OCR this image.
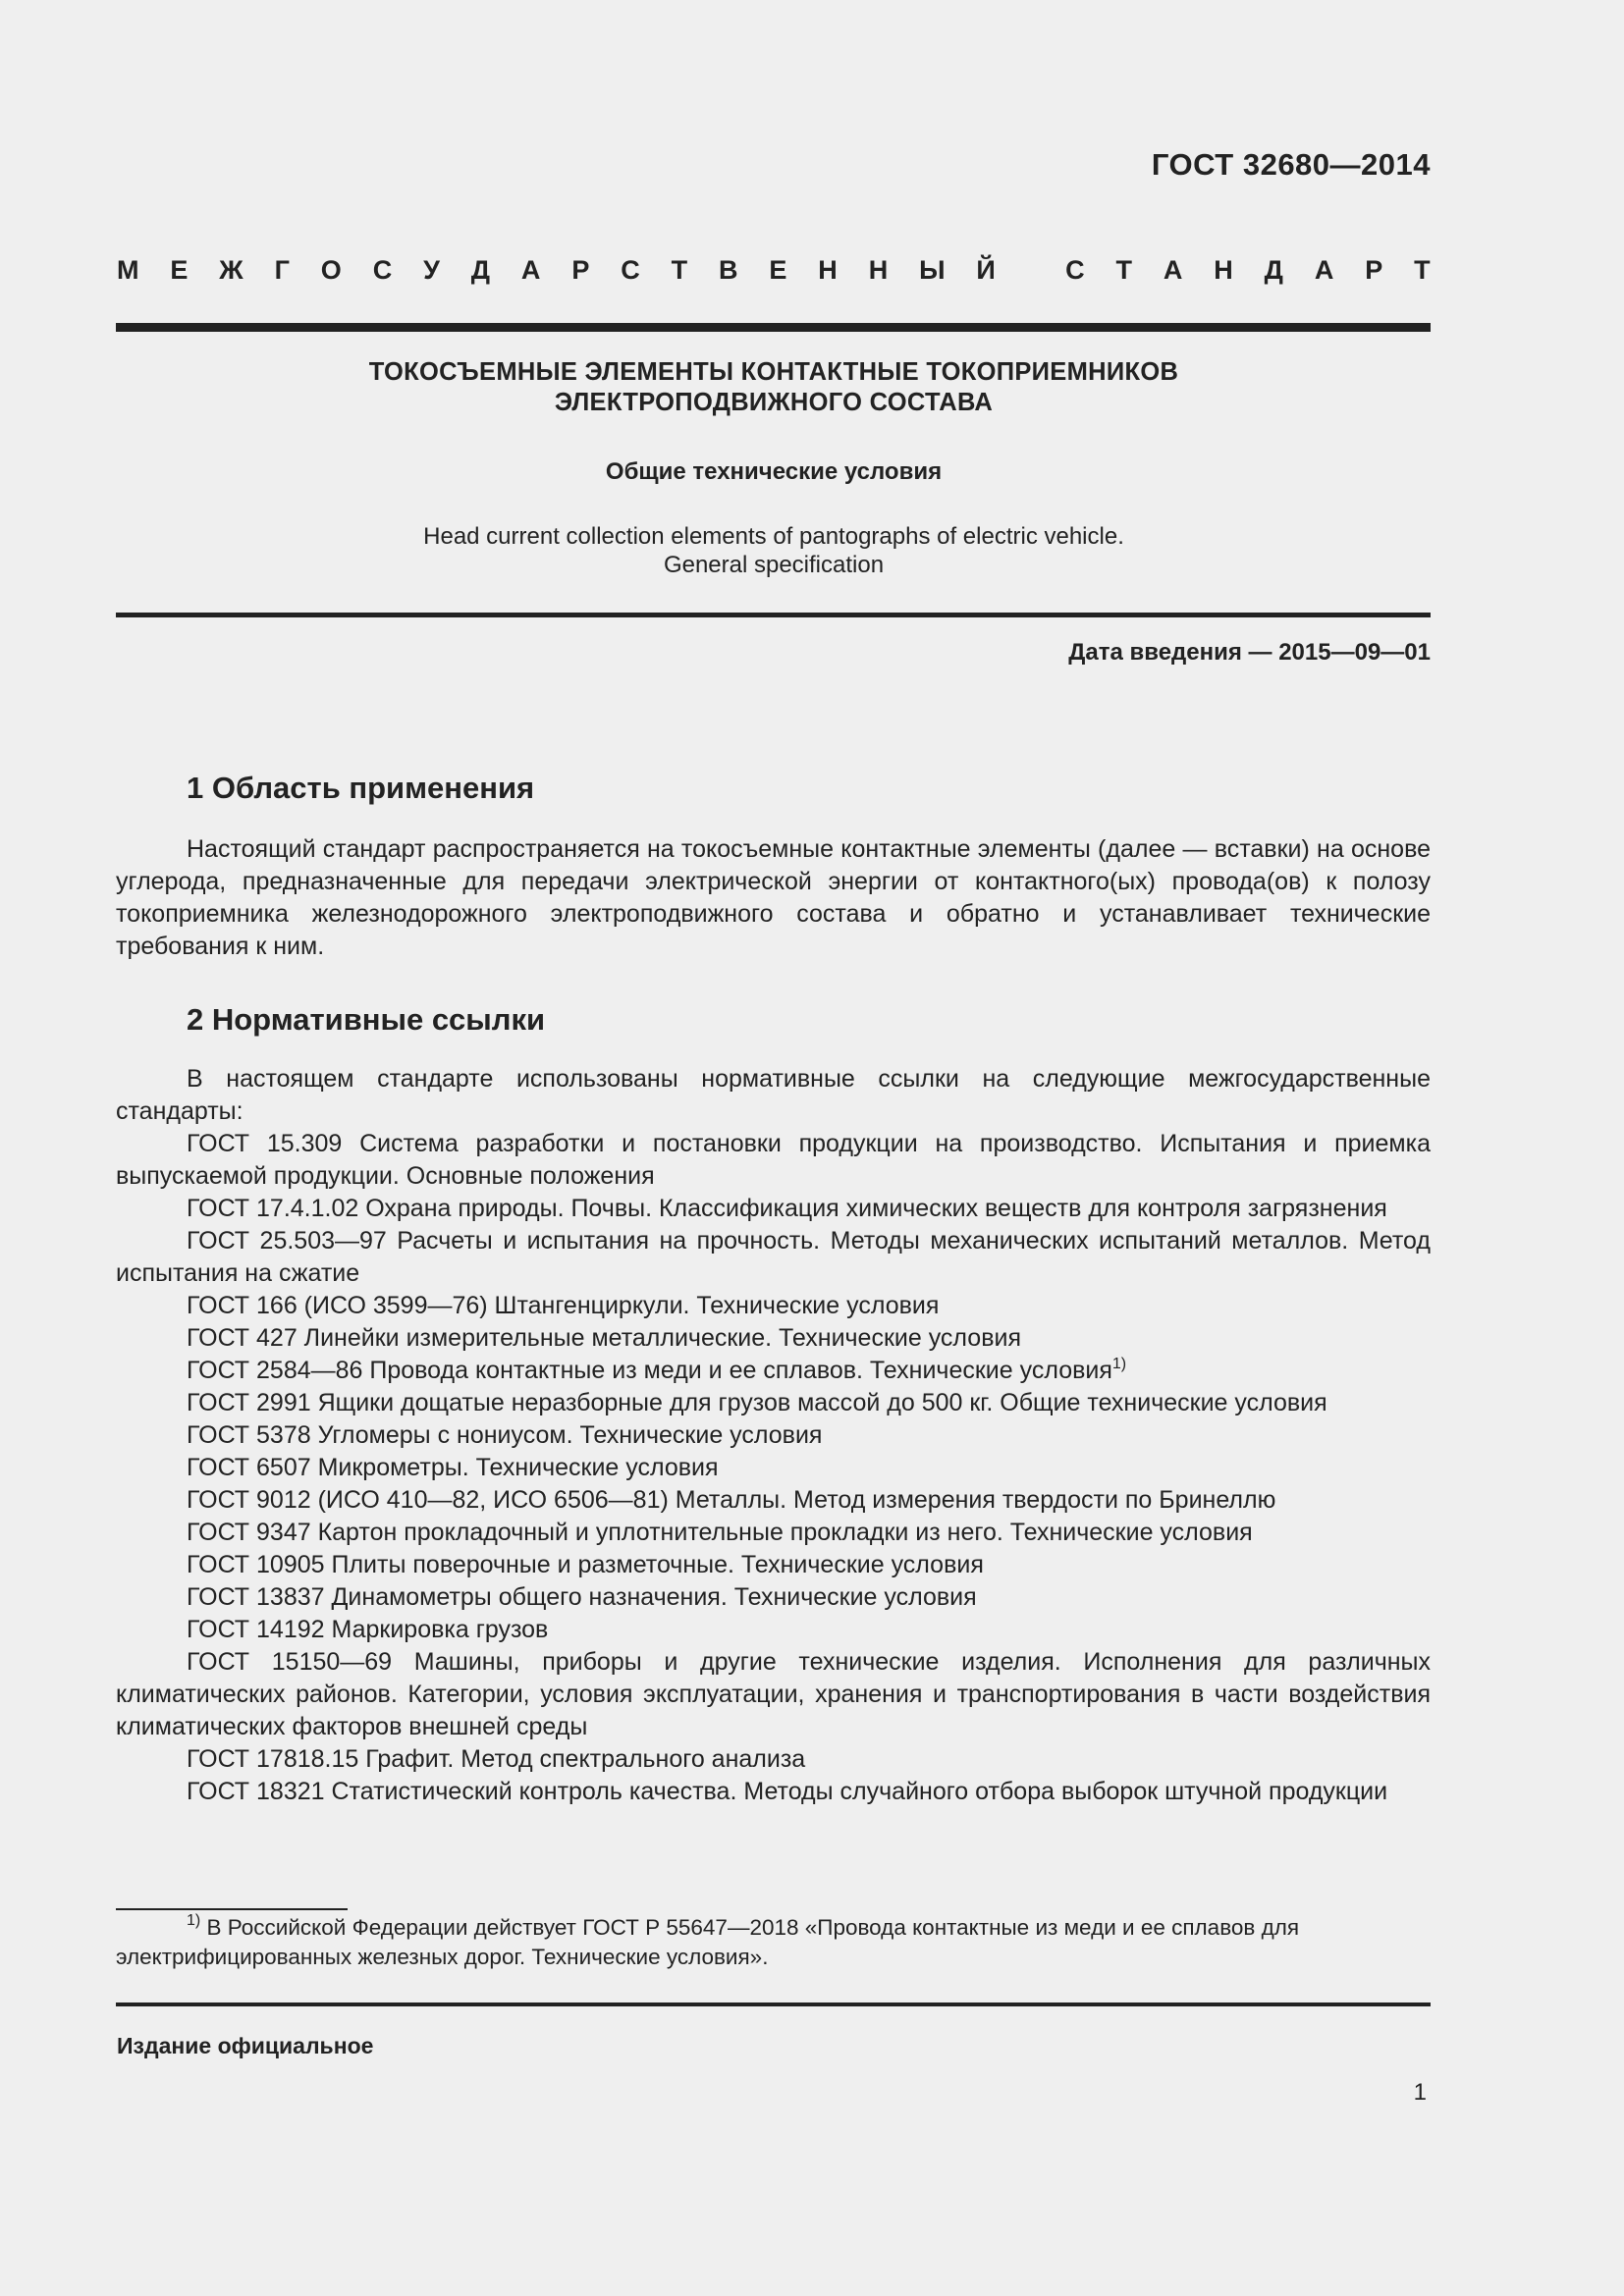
ГОСТ 32680—2014
М Е Ж Г О С У Д А Р С Т В Е Н Н Ы Й
	С Т А Н Д А Р Т
ТОКОСЪЕМНЫЕ ЭЛЕМЕНТЫ КОНТАКТНЫЕ ТОКОПРИЕМНИКОВ
ЭЛЕКТРОПОДВИЖНОГО СОСТАВА
Общие технические условия
Head current collection elements of pantographs of electric vehicle.
General specification
Дата введения — 2015—09—01
1 Область применения

Настоящий стандарт распространяется на токосъемные контактные элементы (далее — вставки) на основе углерода, предназначенные для передачи электрической энергии от контактного(ых) провода(ов) к полозу токоприемника железнодорожного электроподвижного состава и обратно и устанавливает технические требования к ним.

2 Нормативные ссылки

В настоящем стандарте использованы нормативные ссылки на следующие межгосударственные стандарты:

ГОСТ 15.309 Система разработки и постановки продукции на производство. Испытания и приемка выпускаемой продукции. Основные положения
ГОСТ 17.4.1.02 Охрана природы. Почвы. Классификация химических веществ для контроля загрязнения
ГОСТ 25.503—97 Расчеты и испытания на прочность. Методы механических испытаний металлов. Метод испытания на сжатие
ГОСТ 166 (ИСО 3599—76) Штангенциркули. Технические условия
ГОСТ 427 Линейки измерительные металлические. Технические условия
ГОСТ 2584—86 Провода контактные из меди и ее сплавов. Технические условия$^{1)}$
ГОСТ 2991 Ящики дощатые неразборные для грузов массой до 500 кг. Общие технические условия
ГОСТ 5378 Угломеры с нониусом. Технические условия
ГОСТ 6507 Микрометры. Технические условия
ГОСТ 9012 (ИСО 410—82, ИСО 6506—81) Металлы. Метод измерения твердости по Бринеллю
ГОСТ 9347 Картон прокладочный и уплотнительные прокладки из него. Технические условия
ГОСТ 10905 Плиты поверочные и разметочные. Технические условия
ГОСТ 13837 Динамометры общего назначения. Технические условия
ГОСТ 14192 Маркировка грузов
ГОСТ 15150—69 Машины, приборы и другие технические изделия. Исполнения для различных климатических районов. Категории, условия эксплуатации, хранения и транспортирования в части воздействия климатических факторов внешней среды
ГОСТ 17818.15 Графит. Метод спектрального анализа
ГОСТ 18321 Статистический контроль качества. Методы случайного отбора выборок штучной продукции

$^{1)}$ В Российской Федерации действует ГОСТ Р 55647—2018 «Провода контактные из меди и ее сплавов для электрифицированных железных дорог. Технические условия».

Издание официальное
1
